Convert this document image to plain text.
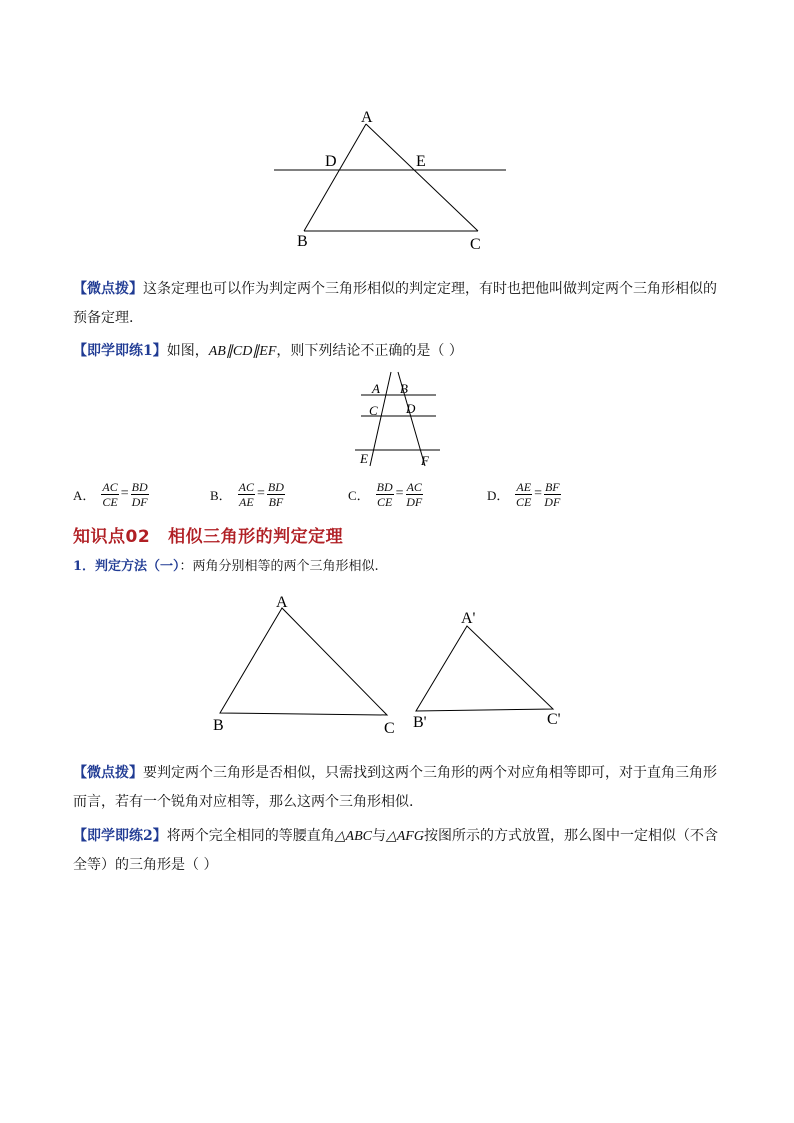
A
D	E
B	C
【微点拨】这条定理也可以作为判定两个三角形相似的判定定理，有时也把他叫做判定两个三角形相似的
预备定理.
【即学即练1】如图，AB∥CD∥EF，则下列结论不正确的是（ ）
A B
C D
E	F
A． $\frac{AC}{CE} = \frac{BD}{DF}$	B． $\frac{AC}{AE} = \frac{BD}{BF}$	C． $\frac{BD}{CE} = \frac{AC}{DF}$	D． $\frac{AE}{CE} = \frac{BF}{DF}$
知识点02 相似三角形的判定定理
1．判定方法（一）：两角分别相等的两个三角形相似.
A
B	C
A'
B'	C'
【微点拨】要判定两个三角形是否相似，只需找到这两个三角形的两个对应角相等即可，对于直角三角形
而言，若有一个锐角对应相等，那么这两个三角形相似.
【即学即练2】将两个完全相同的等腰直角△ABC与△AFG按图所示的方式放置，那么图中一定相似（不含
全等）的三角形是（ ）
